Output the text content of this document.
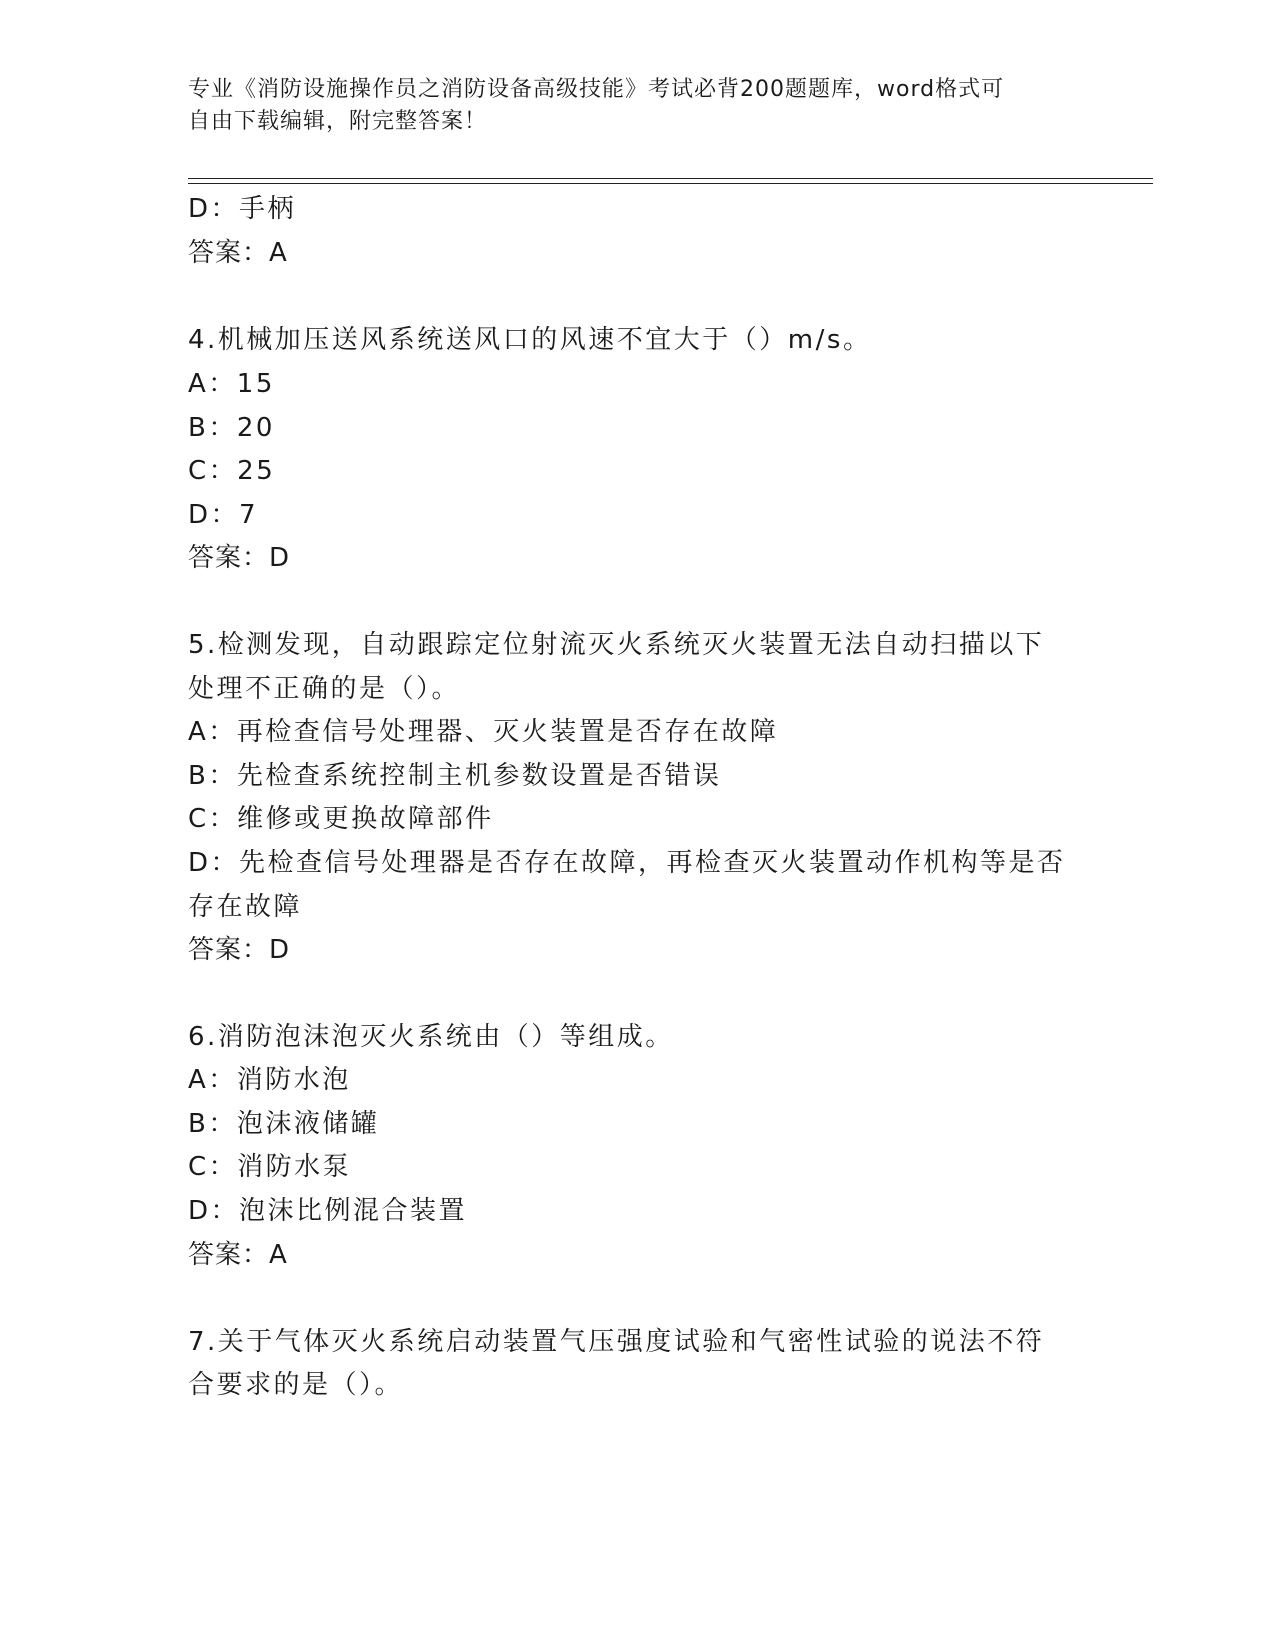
专业《消防设施操作员之消防设备高级技能》考试必背200题题库，word格式可
自由下载编辑，附完整答案！
D：手柄
答案：A
4.机械加压送风系统送风口的风速不宜大于（）m/s。
A：15
B：20
C：25
D：7
答案：D
5.检测发现，自动跟踪定位射流灭火系统灭火装置无法自动扫描以下
处理不正确的是（）。
A：再检查信号处理器、灭火装置是否存在故障
B：先检查系统控制主机参数设置是否错误
C：维修或更换故障部件
D：先检查信号处理器是否存在故障，再检查灭火装置动作机构等是否
存在故障
答案：D
6.消防泡沫泡灭火系统由（）等组成。
A：消防水泡
B：泡沫液储罐
C：消防水泵
D：泡沫比例混合装置
答案：A
7.关于气体灭火系统启动装置气压强度试验和气密性试验的说法不符
合要求的是（）。
